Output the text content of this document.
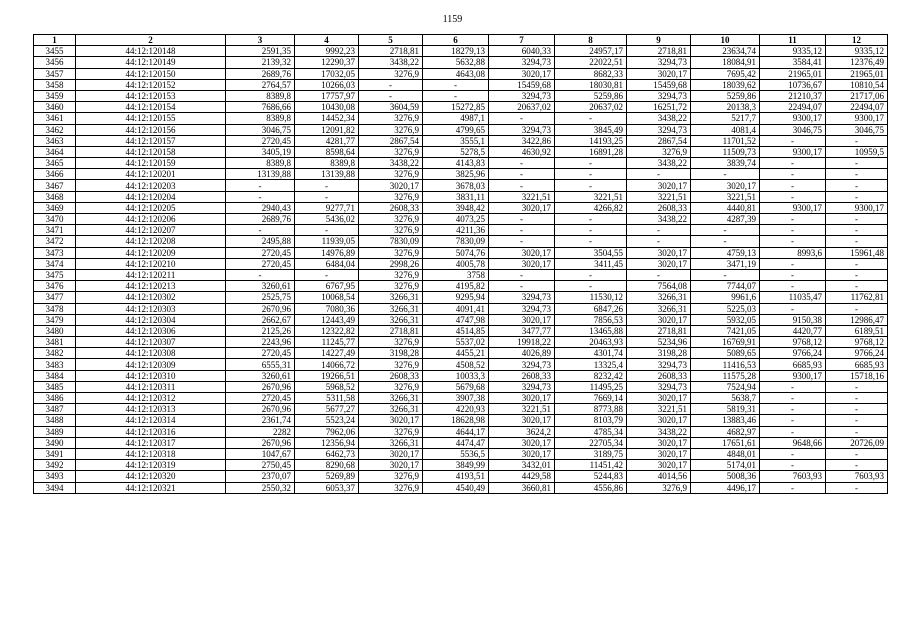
1159
1	2	3	4	5	6	7	8	9	10	11	12
3455	44:12:120148	2591,35	9992,23	2718,81	18279,13	6040,33	24957,17	2718,81	23634,74	9335,12	9335,12
3456	44:12:120149	2139,32	12290,37	3438,22	5632,88	3294,73	22022,51	3294,73	18084,91	3584,41	12376,49
3457	44:12:120150	2689,76	17032,05	3276,9	4643,08	3020,17	8682,33	3020,17	7695,42	21965,01	21965,01
3458	44:12:120152	2764,57	10266,03	-	-	15459,68	18030,81	15459,68	18039,62	10736,67	10810,54
3459	44:12:120153	8389,8	17757,97	-	-	3294,73	5259,86	3294,73	5259,86	21210,37	21717,06
3460	44:12:120154	7686,66	10430,08	3604,59	15272,85	20637,02	20637,02	16251,72	20138,3	22494,07	22494,07
3461	44:12:120155	8389,8	14452,34	3276,9	4987,1	-	-	3438,22	5217,7	9300,17	9300,17
3462	44:12:120156	3046,75	12091,82	3276,9	4799,65	3294,73	3845,49	3294,73	4081,4	3046,75	3046,75
3463	44:12:120157	2720,45	4281,77	2867,54	3555,1	3422,86	14193,25	2867,54	11701,52	-	-
3464	44:12:120158	3405,19	8598,64	3276,9	5278,5	4630,92	16891,28	3276,9	11509,73	9300,17	10959,5
3465	44:12:120159	8389,8	8389,8	3438,22	4143,83	-	-	3438,22	3839,74	-	-
3466	44:12:120201	13139,88	13139,88	3276,9	3825,96	-	-	-	-	-	-
3467	44:12:120203	-	-	3020,17	3678,03	-	-	3020,17	3020,17	-	-
3468	44:12:120204	-	-	3276,9	3831,11	3221,51	3221,51	3221,51	3221,51	-	-
3469	44:12:120205	2940,43	9277,71	2608,33	3948,42	3020,17	4266,82	2608,33	4440,81	9300,17	9300,17
3470	44:12:120206	2689,76	5436,02	3276,9	4073,25	-	-	3438,22	4287,39	-	-
3471	44:12:120207	-	-	3276,9	4211,36	-	-	-	-	-	-
3472	44:12:120208	2495,88	11939,05	7830,09	7830,09	-	-	-	-	-	-
3473	44:12:120209	2720,45	14976,89	3276,9	5074,76	3020,17	3504,55	3020,17	4759,13	8993,6	15961,48
3474	44:12:120210	2720,45	6484,04	2998,26	4005,78	3020,17	3411,45	3020,17	3471,19	-	-
3475	44:12:120211	-	-	3276,9	3758	-	-	-	-	-	-
3476	44:12:120213	3260,61	6767,95	3276,9	4195,82	-	-	7564,08	7744,07	-	-
3477	44:12:120302	2525,75	10068,54	3266,31	9295,94	3294,73	11530,12	3266,31	9961,6	11035,47	11762,81
3478	44:12:120303	2670,96	7080,36	3266,31	4091,41	3294,73	6847,26	3266,31	5225,03	-	-
3479	44:12:120304	2662,67	12443,49	3266,31	4747,98	3020,17	7856,53	3020,17	5932,05	9150,38	12986,47
3480	44:12:120306	2125,26	12322,82	2718,81	4514,85	3477,77	13465,88	2718,81	7421,05	4420,77	6189,51
3481	44:12:120307	2243,96	11245,77	3276,9	5537,02	19918,22	20463,93	5234,96	16769,91	9768,12	9768,12
3482	44:12:120308	2720,45	14227,49	3198,28	4455,21	4026,89	4301,74	3198,28	5089,65	9766,24	9766,24
3483	44:12:120309	6555,31	14066,72	3276,9	4508,52	3294,73	13325,4	3294,73	11416,53	6685,93	6685,93
3484	44:12:120310	3260,61	19266,51	2608,33	10033,3	2608,33	8232,42	2608,33	11575,28	9300,17	15718,16
3485	44:12:120311	2670,96	5968,52	3276,9	5679,68	3294,73	11495,25	3294,73	7524,94	-	-
3486	44:12:120312	2720,45	5311,58	3266,31	3907,38	3020,17	7669,14	3020,17	5638,7	-	-
3487	44:12:120313	2670,96	5677,27	3266,31	4220,93	3221,51	8773,88	3221,51	5819,31	-	-
3488	44:12:120314	2361,74	5523,24	3020,17	18628,98	3020,17	8103,79	3020,17	13883,46	-	-
3489	44:12:120316	2282	7962,06	3276,9	4644,17	3624,2	4785,34	3438,22	4682,97	-	-
3490	44:12:120317	2670,96	12356,94	3266,31	4474,47	3020,17	22705,34	3020,17	17651,61	9648,66	20726,09
3491	44:12:120318	1047,67	6462,73	3020,17	5536,5	3020,17	3189,75	3020,17	4848,01	-	-
3492	44:12:120319	2750,45	8290,68	3020,17	3849,99	3432,01	11451,42	3020,17	5174,01	-	-
3493	44:12:120320	2370,07	5269,89	3276,9	4193,51	4429,58	5244,83	4014,56	5008,36	7603,93	7603,93
3494	44:12:120321	2550,32	6053,37	3276,9	4540,49	3660,81	4556,86	3276,9	4496,17	-	-
